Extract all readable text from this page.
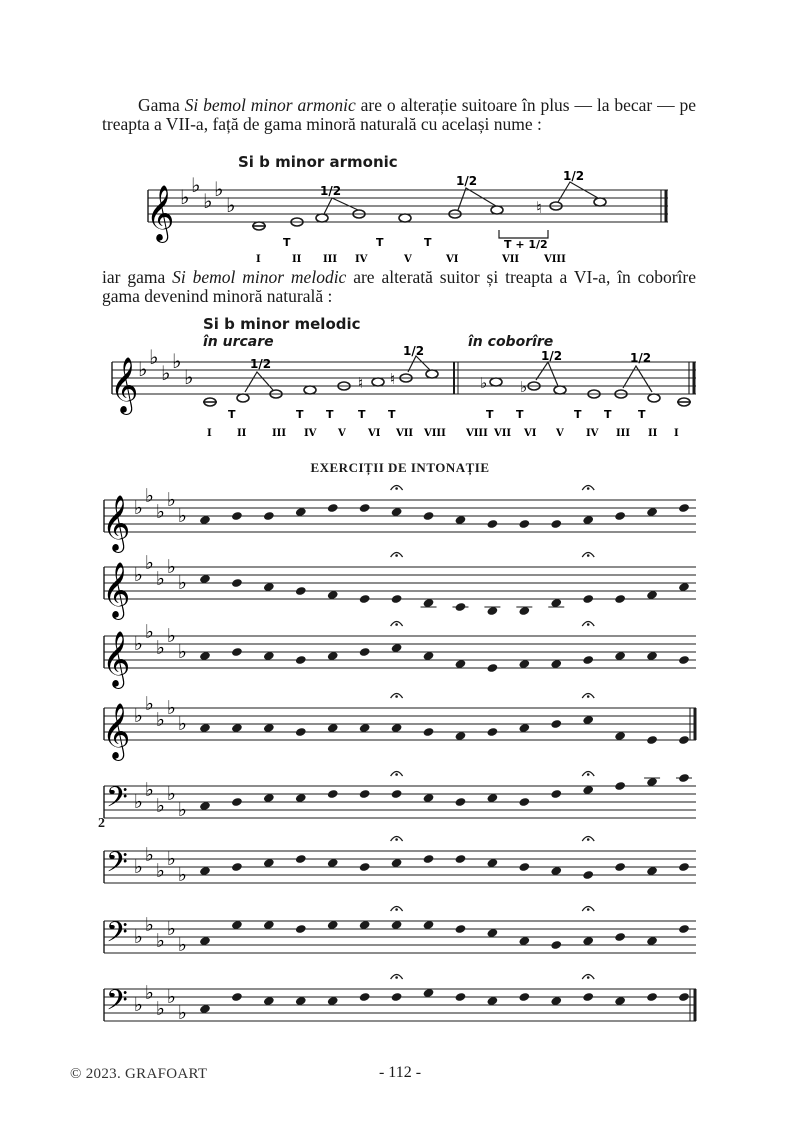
Gama Si bemol minor armonic are o alterație suitoare în plus — la becar — pe treapta a VII-a, față de gama minoră naturală cu același nume :
Si b minor armonic
𝄞 ♭ ♭
♭ ♭
♭	♮
1/2
1/2	1/2
T	T	T	T + 1/2
I	II III IV	V	VI	VII VIII
iar gama Si bemol minor melodic are alterată suitor și treapta a VI-a, în coborîre gama devenind minoră naturală :
Si b minor melodic
în urcare	în coborîre
𝄞 ♭ ♭
♭ ♭
♭	♮ ♮	♭ ♭
1/2
1/2	1/2	1/2
T	T T T T	T T	T T T
I	II	III IV V VI VII VIII VIII VII VI V IV III II I
EXERCIȚII DE INTONAȚIE
𝄞 ♭
♭
♭
♭
♭
𝄞 ♭
♭
♭
♭
♭
𝄞 ♭
♭
♭
♭
♭
𝄞 ♭
♭
♭
♭
♭
𝄢 ♭
♭
♭
♭
♭
𝄢 ♭
♭
♭
♭
♭
𝄢 ♭
♭
♭
♭
♭
𝄢 ♭
♭
♭
♭
♭
2
© 2023. GRAFOART	- 112 -
